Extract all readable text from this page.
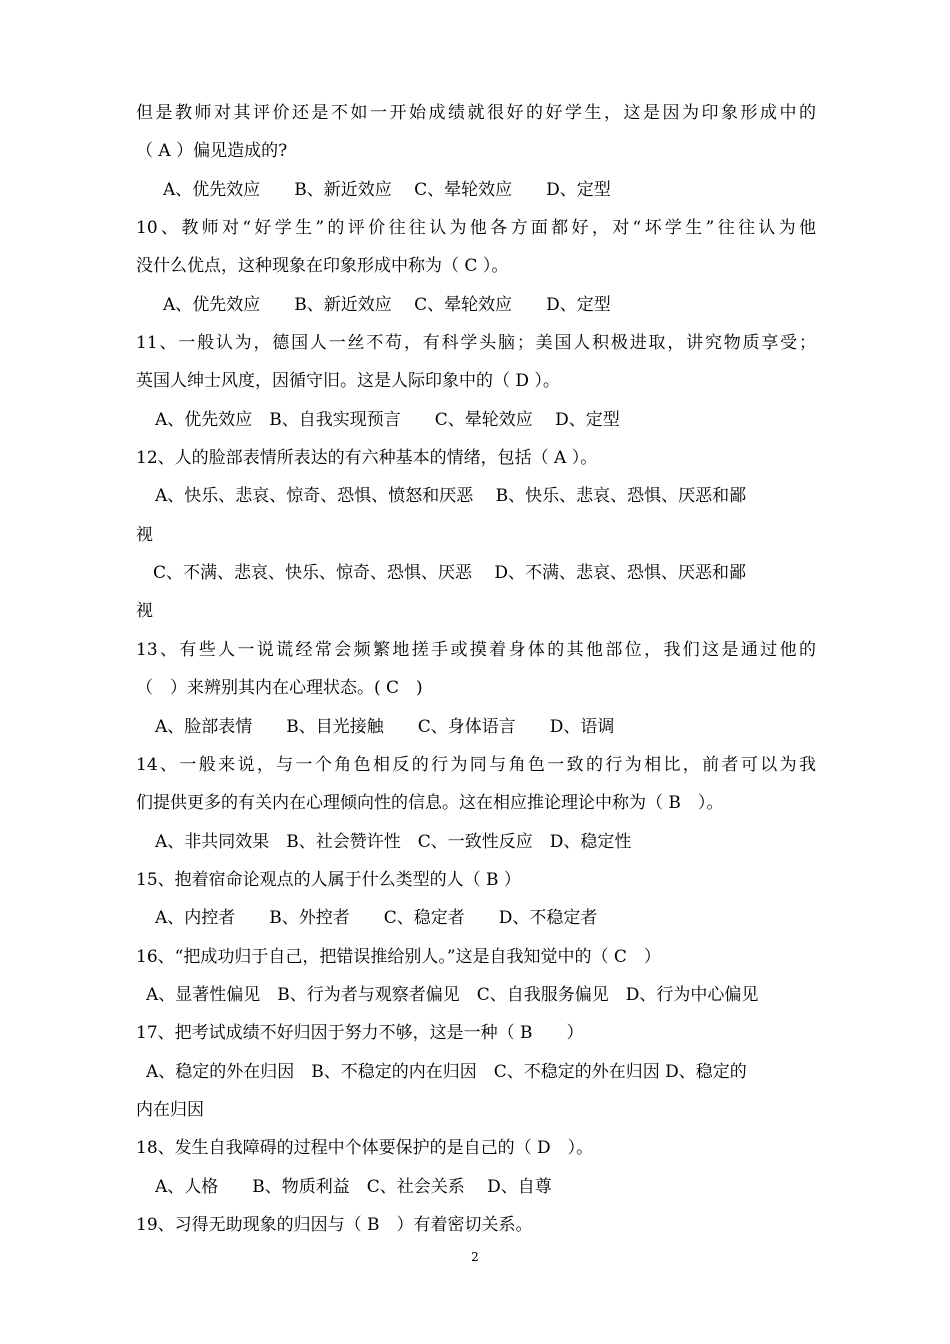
但是教师对其评价还是不如一开始成绩就很好的好学生，这是因为印象形成中的
（ A ）偏见造成的?
A、优先效应　　B、新近效应　 C、晕轮效应　　D、定型
10、教师对“好学生”的评价往往认为他各方面都好，对“坏学生”往往认为他
没什么优点，这种现象在印象形成中称为（ C ）。
A、优先效应　　B、新近效应　 C、晕轮效应　　D、定型
11、一般认为，德国人一丝不苟，有科学头脑；美国人积极进取，讲究物质享受；
英国人绅士风度，因循守旧。这是人际印象中的（ D ）。
A、优先效应　B、自我实现预言　　C、晕轮效应　 D、定型
12、人的脸部表情所表达的有六种基本的情绪，包括（ A ）。
A、快乐、悲哀、惊奇、恐惧、愤怒和厌恶　 B、快乐、悲哀、恐惧、厌恶和鄙
视
C、不满、悲哀、快乐、惊奇、恐惧、厌恶　 D、不满、悲哀、恐惧、厌恶和鄙
视
13、有些人一说谎经常会频繁地搓手或摸着身体的其他部位，我们这是通过他的
（　）来辨别其内在心理状态。( C　)
A、脸部表情　　B、目光接触　　C、身体语言　　D、语调
14、一般来说，与一个角色相反的行为同与角色一致的行为相比，前者可以为我
们提供更多的有关内在心理倾向性的信息。这在相应推论理论中称为（ B　）。
A、非共同效果　B、社会赞许性　C、一致性反应　D、稳定性
15、抱着宿命论观点的人属于什么类型的人（ B ）
A、内控者　　B、外控者　　C、稳定者　　D、不稳定者
16、“把成功归于自己，把错误推给别人。”这是自我知觉中的（ C　）
A、显著性偏见　B、行为者与观察者偏见　C、自我服务偏见　D、行为中心偏见
17、把考试成绩不好归因于努力不够，这是一种（ B　　）
A、稳定的外在归因　B、不稳定的内在归因　C、不稳定的外在归因 D、稳定的
内在归因
18、发生自我障碍的过程中个体要保护的是自己的（ D　）。
A、人格　　B、物质利益　C、社会关系　 D、自尊
19、习得无助现象的归因与（ B　）有着密切关系。
2
